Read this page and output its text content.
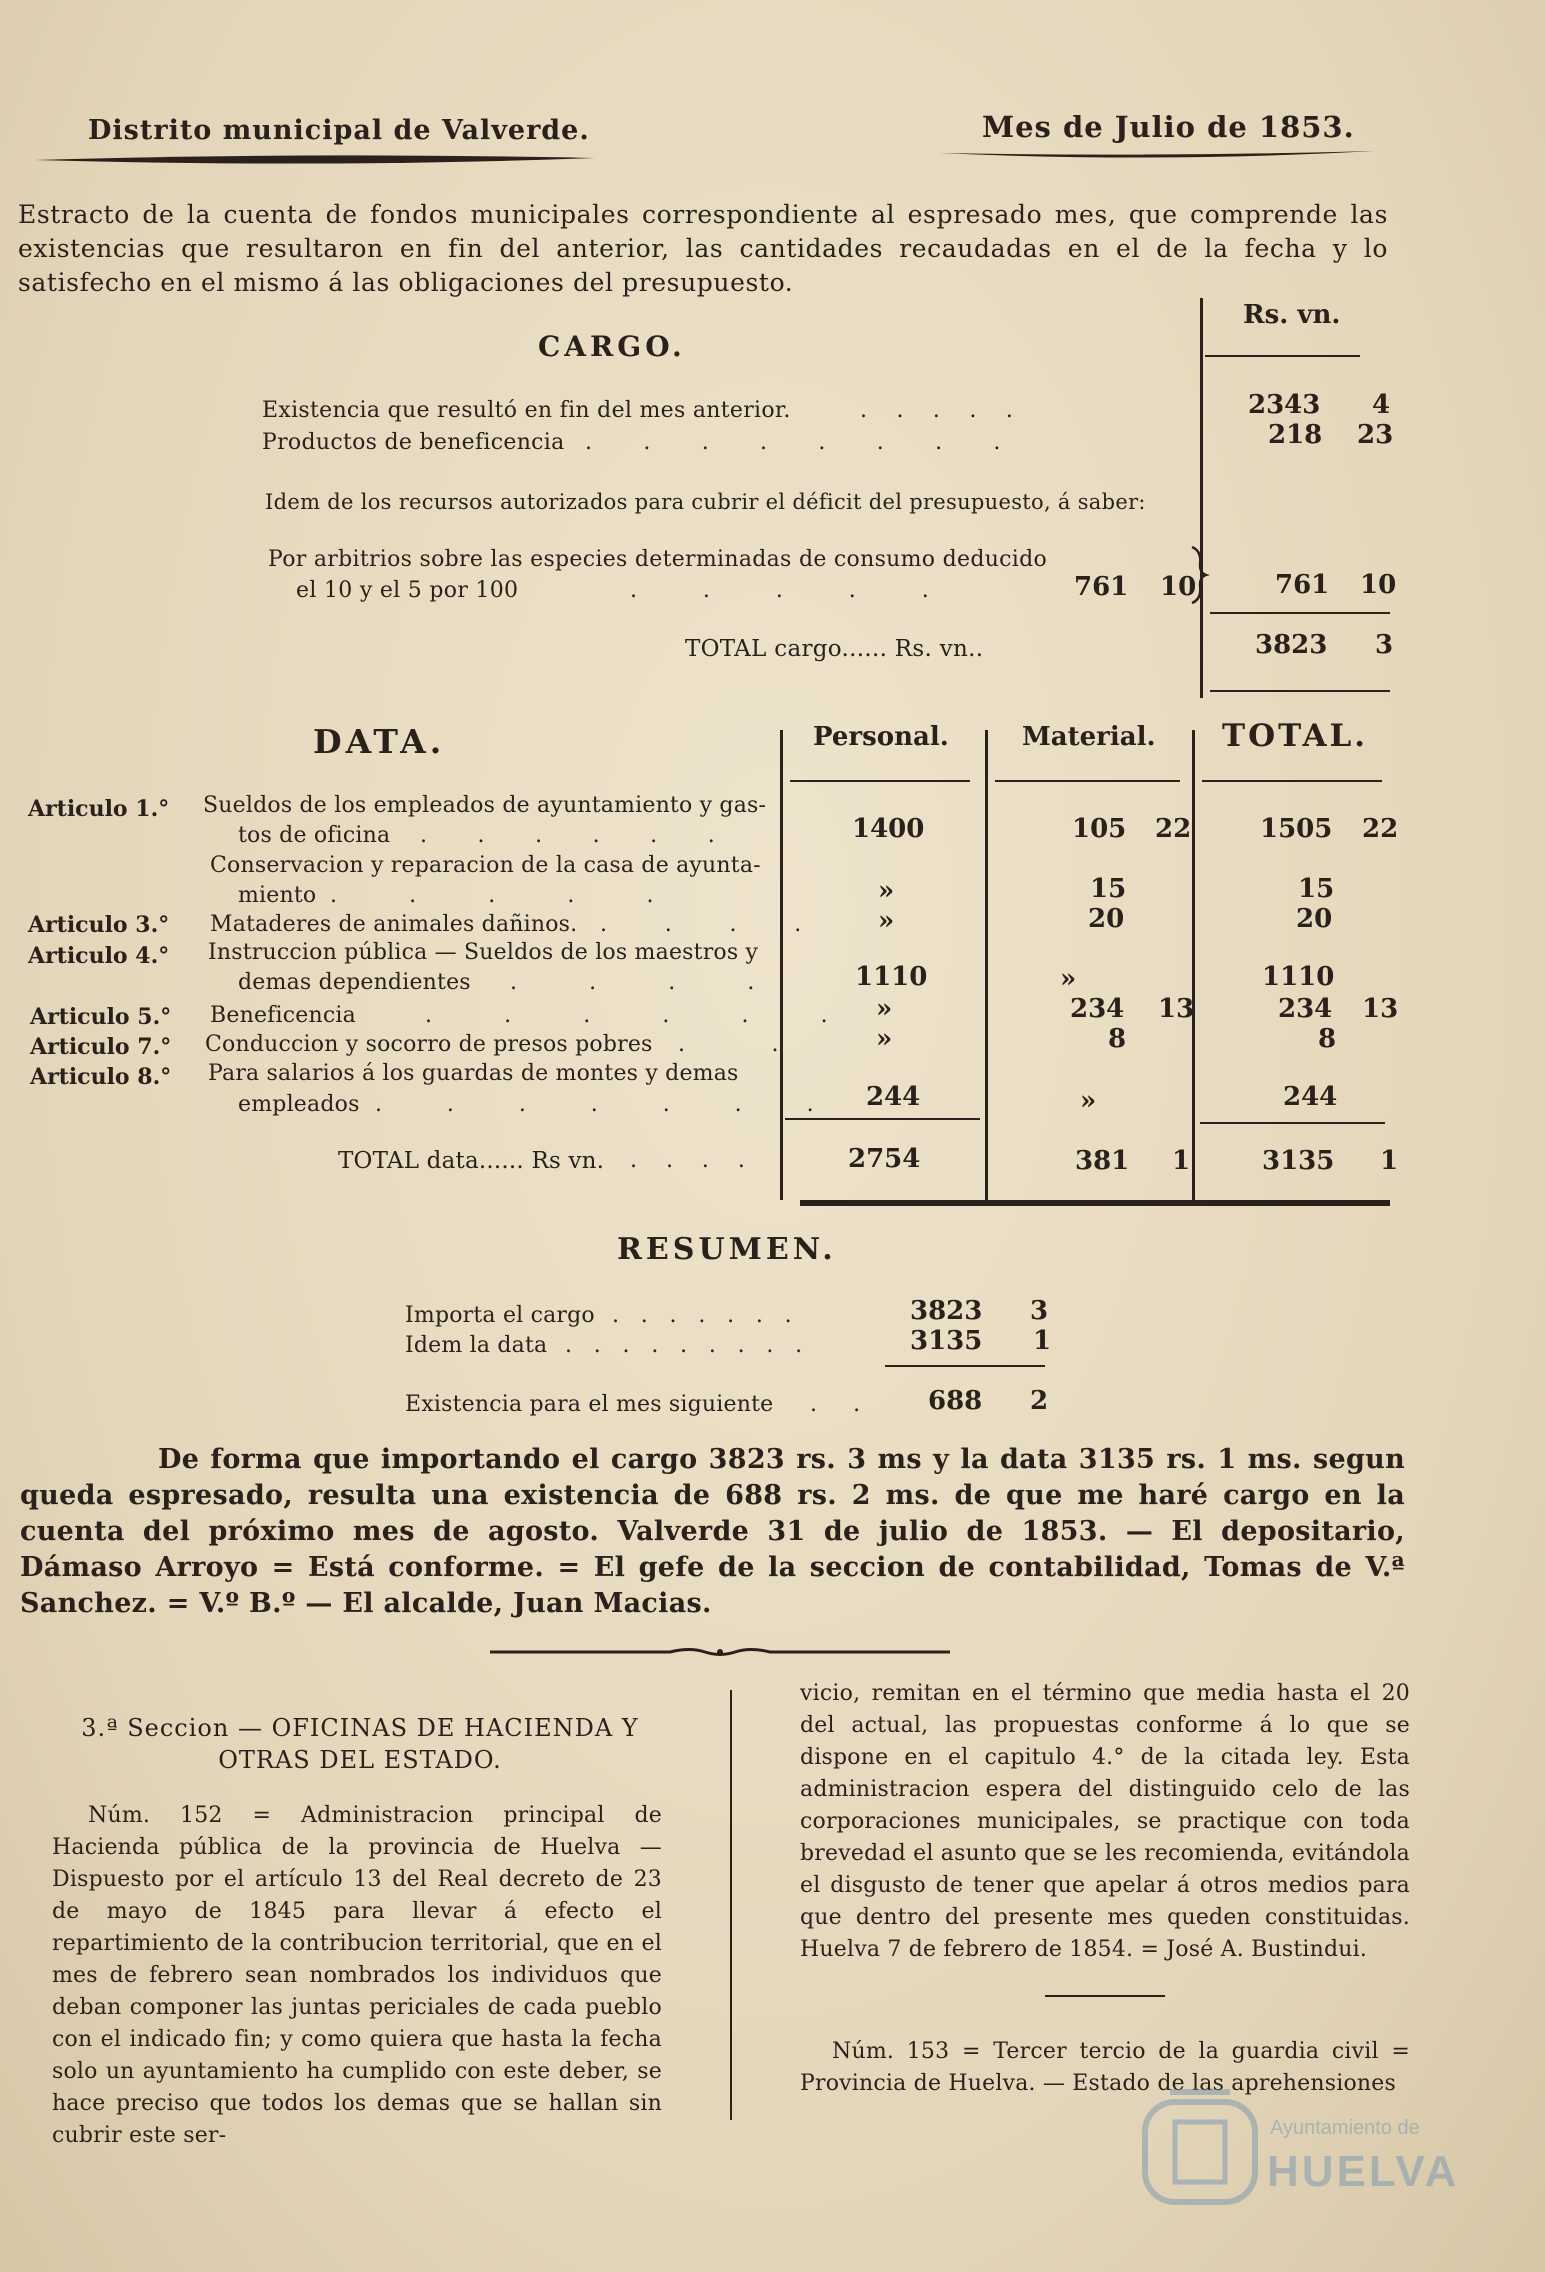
Distrito municipal de Valverde.	Mes de Julio de 1853.
Estracto de la cuenta de fondos municipales correspondiente al espresado mes, que comprende las existencias que resultaron en fin del anterior, las cantidades recaudadas en el de la fecha y lo satisfecho en el mismo á las obligaciones del presupuesto.
Rs. vn.
CARGO.
Existencia que resultó en fin del mes anterior.	.    .    .    .    .	2343 4
Productos de beneficencia .       .       .       .       .       .       .       .	218 23
Idem de los recursos autorizados para cubrir el déficit del presupuesto, á saber:
Por arbitrios sobre las especies determinadas de consumo deducido
el 10 y el 5 por 100	.         .         .         .         .	761 10	761 10
TOTAL cargo...... Rs. vn..	3823 3
DATA.	Personal.	Material. TOTAL.
Articulo 1.° Sueldos de los empleados de ayuntamiento y gas-
tos de oficina .       .       .       .       .       .	1400	105 22	1505 22
Conservacion y reparacion de la casa de ayunta-
miento .          .          .          .          .	»	15	15
Articulo 3.° Mataderes de animales dañinos. .        .        .        .	»	20	20
Articulo 4.° Instruccion pública — Sueldos de los maestros y
demas dependientes .          .          .          .	1110	»	1110
Articulo 5.° Beneficencia	.          .          .          .          .          . »	234 13	234 13
Articulo 7.° Conduccion y socorro de presos pobres .            .	»	8	8
Articulo 8.° Para salarios á los guardas de montes y demas
empleados .         .         .         .         .         .         . 244	»	244
TOTAL data...... Rs vn. .    .    .    .	2754	381 1	3135 1
RESUMEN.
Importa el cargo .   .   .   .   .   .   .	3823 3
Idem la data .   .   .   .   .   .   .   .   .	3135 1
Existencia para el mes siguiente .     .	688 2
De forma que importando el cargo 3823 rs. 3 ms y la data 3135 rs. 1 ms. segun queda espresado, resulta una existencia de 688 rs. 2 ms. de que me haré cargo en la cuenta del próximo mes de agosto. Valverde 31 de julio de 1853. — El depositario, Dámaso Arroyo = Está conforme. = El gefe de la seccion de contabilidad, Tomas de V.ª Sanchez. = V.º B.º — El alcalde, Juan Macias.
3.ª Seccion — OFICINAS DE HACIENDA Y
OTRAS DEL ESTADO.
Núm. 152 = Administracion principal de Hacienda pública de la provincia de Huelva — Dispuesto por el artículo 13 del Real decreto de 23 de mayo de 1845 para llevar á efecto el repartimiento de la contribucion territorial, que en el mes de febrero sean nombrados los individuos que deban componer las juntas periciales de cada pueblo con el indicado fin; y como quiera que hasta la fecha solo un ayuntamiento ha cumplido con este deber, se hace preciso que todos los demas que se hallan sin cubrir este ser-
vicio, remitan en el término que media hasta el 20 del actual, las propuestas conforme á lo que se dispone en el capitulo 4.° de la citada ley. Esta administracion espera del distinguido celo de las corporaciones municipales, se practique con toda brevedad el asunto que se les recomienda, evitándola el disgusto de tener que apelar á otros medios para que dentro del presente mes queden constituidas. Huelva 7 de febrero de 1854. = José A. Bustindui.
Núm. 153 = Tercer tercio de la guardia civil = Provincia de Huelva. — Estado de las aprehensiones
Ayuntamiento de
HUELVA
